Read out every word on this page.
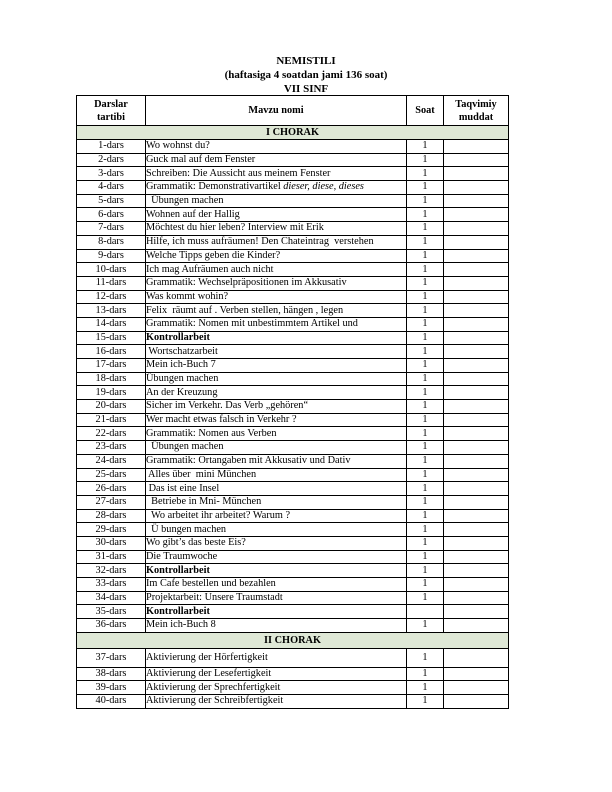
NEMISTILI
(haftasiga 4 soatdan jami 136 soat)
VII SINF
Darslar tartibi	Mavzu nomi	Soat	Taqvimiy muddat
I CHORAK			
1-dars	Wo wohnst du?	1	
2-dars	Guck mal auf dem Fenster	1	
3-dars	Schreiben: Die Aussicht aus meinem Fenster	1	
4-dars	Grammatik: Demonstrativartikel dieser, diese, dieses	1	
5-dars	Übungen machen	1	
6-dars	Wohnen auf der Hallig	1	
7-dars	Möchtest du hier leben? Interview mit Erik	1	
8-dars	Hilfe, ich muss aufräumen! Den Chateintrag  verstehen	1	
9-dars	Welche Tipps geben die Kinder?	1	
10-dars	Ich mag Aufräumen auch nicht	1	
11-dars	Grammatik: Wechselpräpositionen im Akkusativ	1	
12-dars	Was kommt wohin?	1	
13-dars	Felix  räumt auf . Verben stellen, hängen , legen	1	
14-dars	Grammatik: Nomen mit unbestimmtem Artikel und	1	
15-dars	Kontrollarbeit	1	
16-dars	Wortschatzarbeit	1	
17-dars	Mein ich-Buch 7	1	
18-dars	Übungen machen	1	
19-dars	An der Kreuzung	1	
20-dars	Sicher im Verkehr. Das Verb „gehören“	1	
21-dars	Wer macht etwas falsch in Verkehr ?	1	
22-dars	Grammatik: Nomen aus Verben	1	
23-dars	Übungen machen	1	
24-dars	Grammatik: Ortangaben mit Akkusativ und Dativ	1	
25-dars	Alles über  mini München	1	
26-dars	Das ist eine Insel	1	
27-dars	Betriebe in Mni- München	1	
28-dars	Wo arbeitet ihr arbeitet? Warum ?	1	
29-dars	Ü bungen machen	1	
30-dars	Wo gibt’s das beste Eis?	1	
31-dars	Die Traumwoche	1	
32-dars	Kontrollarbeit	1	
33-dars	Im Cafe bestellen und bezahlen	1	
34-dars	Projektarbeit: Unsere Traumstadt	1	
35-dars	Kontrollarbeit		
36-dars	Mein ich-Buch 8	1	
II CHORAK			
37-dars	Aktivierung der Hörfertigkeit	1	
38-dars	Aktivierung der Lesefertigkeit	1	
39-dars	Aktivierung der Sprechfertigkeit	1	
40-dars	Aktivierung der Schreibfertigkeit	1	
